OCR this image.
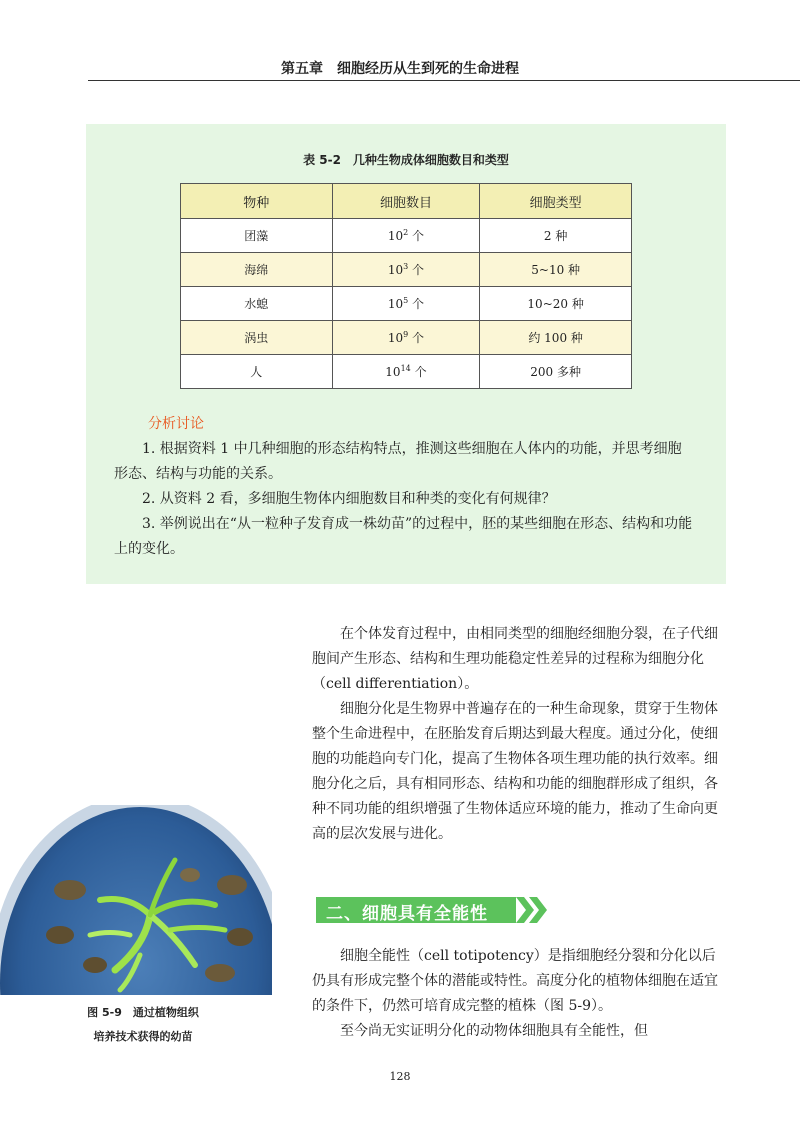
第五章　细胞经历从生到死的生命进程
表 5-2　几种生物成体细胞数目和类型
物种	细胞数目	细胞类型
团藻	$10^2$ 个	2 种
海绵	$10^3$ 个	5~10 种
水螅	$10^5$ 个	10~20 种
涡虫	$10^9$ 个	约 100 种
人	$10^{14}$ 个	200 多种
分析讨论

1. 根据资料 1 中几种细胞的形态结构特点，推测这些细胞在人体内的功能，并思考细胞形态、结构与功能的关系。

2. 从资料 2 看，多细胞生物体内细胞数目和种类的变化有何规律？

3. 举例说出在“从一粒种子发育成一株幼苗”的过程中，胚的某些细胞在形态、结构和功能上的变化。

在个体发育过程中，由相同类型的细胞经细胞分裂，在子代细胞间产生形态、结构和生理功能稳定性差异的过程称为细胞分化（cell differentiation）。

细胞分化是生物界中普遍存在的一种生命现象，贯穿于生物体整个生命进程中，在胚胎发育后期达到最大程度。通过分化，使细胞的功能趋向专门化，提高了生物体各项生理功能的执行效率。细胞分化之后，具有相同形态、结构和功能的细胞群形成了组织，各种不同功能的组织增强了生物体适应环境的能力，推动了生命向更高的层次发展与进化。

图 5-9　通过植物组织
培养技术获得的幼苗
二、细胞具有全能性

细胞全能性（cell totipotency）是指细胞经分裂和分化以后仍具有形成完整个体的潜能或特性。高度分化的植物体细胞在适宜的条件下，仍然可培育成完整的植株（图 5-9）。

至今尚无实证明分化的动物体细胞具有全能性，但

128
